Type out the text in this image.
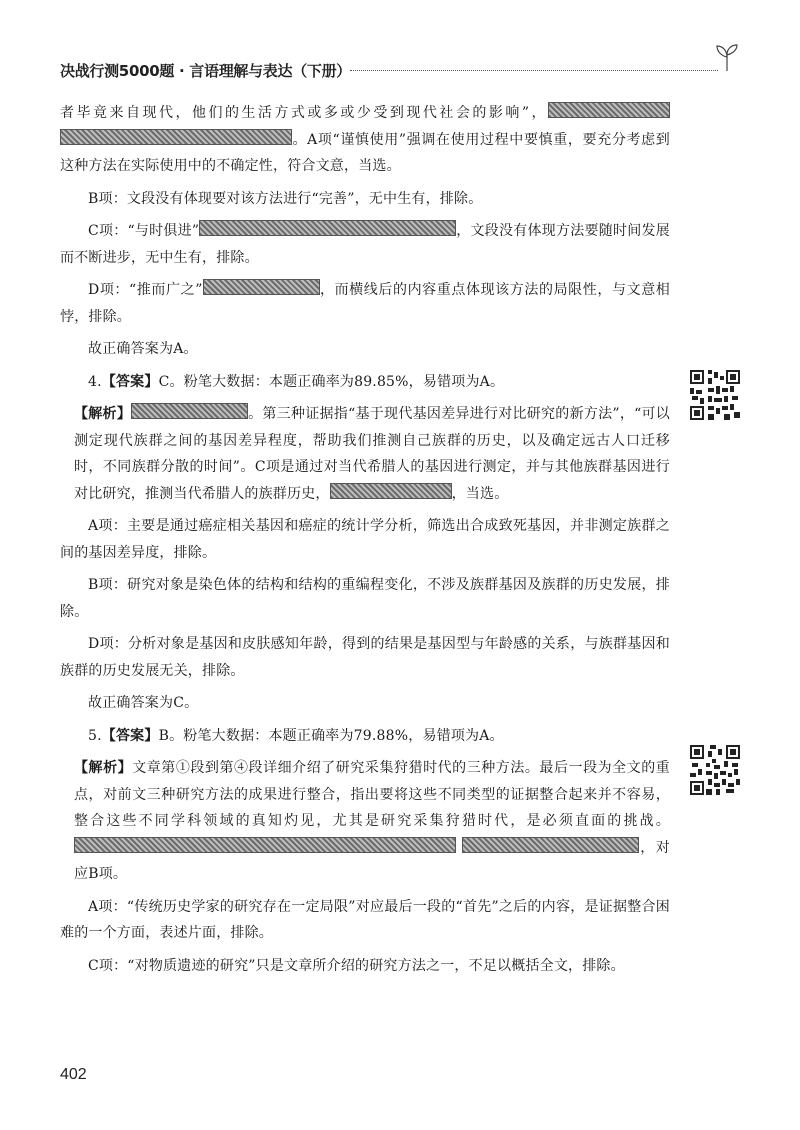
决战行测5000题 · 言语理解与表达（下册）

者毕竟来自现代，他们的生活方式或多或少受到现代社会的影响”， 。A项“谨慎使用”强调在使用过程中要慎重，要充分考虑到这种方法在实际使用中的不确定性，符合文意，当选。

B项：文段没有体现要对该方法进行“完善”，无中生有，排除。

C项：“与时俱进”	，文段没有体现方法要随时间发展而不断进步，无中生有，排除。

D项：“推而广之”	，而横线后的内容重点体现该方法的局限性，与文意相悖，排除。

故正确答案为A。

4.【答案】C。粉笔大数据：本题正确率为89.85%，易错项为A。

【解析】	。第三种证据指“基于现代基因差异进行对比研究的新方法”，“可以测定现代族群之间的基因差异程度，帮助我们推测自己族群的历史，以及确定远古人口迁移时，不同族群分散的时间”。C项是通过对当代希腊人的基因进行测定，并与其他族群基因进行对比研究，推测当代希腊人的族群历史，	，当选。

A项：主要是通过癌症相关基因和癌症的统计学分析，筛选出合成致死基因，并非测定族群之间的基因差异度，排除。

B项：研究对象是染色体的结构和结构的重编程变化，不涉及族群基因及族群的历史发展，排除。

D项：分析对象是基因和皮肤感知年龄，得到的结果是基因型与年龄感的关系，与族群基因和族群的历史发展无关，排除。

故正确答案为C。

5.【答案】B。粉笔大数据：本题正确率为79.88%，易错项为A。

【解析】文章第①段到第④段详细介绍了研究采集狩猎时代的三种方法。最后一段为全文的重点，对前文三种研究方法的成果进行整合，指出要将这些不同类型的证据整合起来并不容易，整合这些不同学科领域的真知灼见，尤其是研究采集狩猎时代，是必须直面的挑战。 ，对应B项。

A项：“传统历史学家的研究存在一定局限”对应最后一段的“首先”之后的内容，是证据整合困难的一个方面，表述片面，排除。

C项：“对物质遗迹的研究”只是文章所介绍的研究方法之一，不足以概括全文，排除。

402
